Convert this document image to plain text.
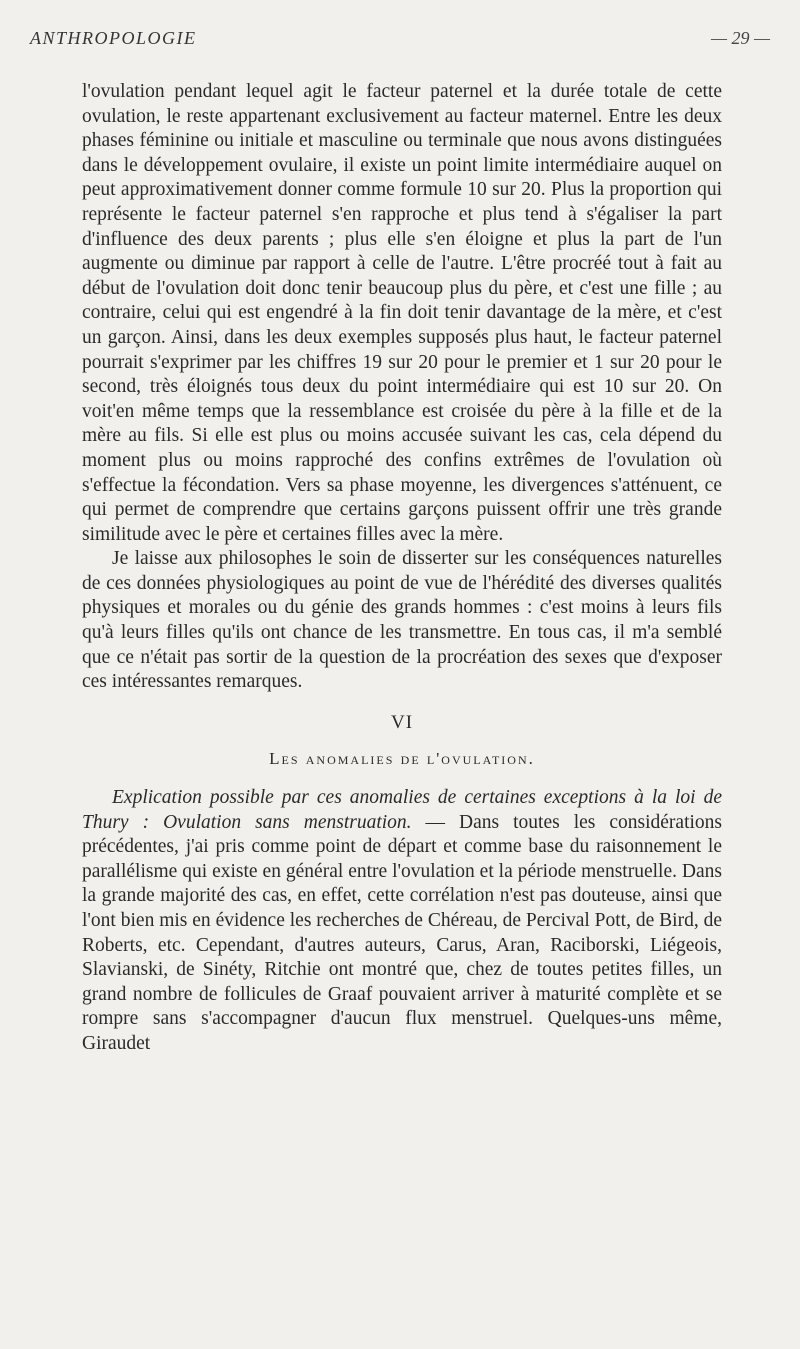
ANTHROPOLOGIE	— 29 —

l'ovulation pendant lequel agit le facteur paternel et la durée totale de cette ovulation, le reste appartenant exclusivement au facteur maternel. Entre les deux phases féminine ou initiale et masculine ou terminale que nous avons distinguées dans le développement ovulaire, il existe un point limite intermédiaire auquel on peut approximativement donner comme formule 10 sur 20. Plus la proportion qui représente le facteur paternel s'en rapproche et plus tend à s'égaliser la part d'influence des deux parents ; plus elle s'en éloigne et plus la part de l'un augmente ou diminue par rapport à celle de l'autre. L'être procréé tout à fait au début de l'ovulation doit donc tenir beaucoup plus du père, et c'est une fille ; au contraire, celui qui est engendré à la fin doit tenir davantage de la mère, et c'est un garçon. Ainsi, dans les deux exemples supposés plus haut, le facteur paternel pourrait s'exprimer par les chiffres 19 sur 20 pour le premier et 1 sur 20 pour le second, très éloignés tous deux du point intermédiaire qui est 10 sur 20. On voit'en même temps que la ressemblance est croisée du père à la fille et de la mère au fils. Si elle est plus ou moins accusée suivant les cas, cela dépend du moment plus ou moins rapproché des confins extrêmes de l'ovulation où s'effectue la fécondation. Vers sa phase moyenne, les divergences s'atténuent, ce qui permet de comprendre que certains garçons puissent offrir une très grande similitude avec le père et certaines filles avec la mère.

Je laisse aux philosophes le soin de disserter sur les conséquences naturelles de ces données physiologiques au point de vue de l'hérédité des diverses qualités physiques et morales ou du génie des grands hommes : c'est moins à leurs fils qu'à leurs filles qu'ils ont chance de les transmettre. En tous cas, il m'a semblé que ce n'était pas sortir de la question de la procréation des sexes que d'exposer ces intéressantes remarques.

VI
Les anomalies de l'ovulation.

Explication possible par ces anomalies de certaines exceptions à la loi de Thury : Ovulation sans menstruation. — Dans toutes les considérations précédentes, j'ai pris comme point de départ et comme base du raisonnement le parallélisme qui existe en général entre l'ovulation et la période menstruelle. Dans la grande majorité des cas, en effet, cette corrélation n'est pas douteuse, ainsi que l'ont bien mis en évidence les recherches de Chéreau, de Percival Pott, de Bird, de Roberts, etc. Cependant, d'autres auteurs, Carus, Aran, Raciborski, Liégeois, Slavianski, de Sinéty, Ritchie ont montré que, chez de toutes petites filles, un grand nombre de follicules de Graaf pouvaient arriver à maturité complète et se rompre sans s'accompagner d'aucun flux menstruel. Quelques-uns même, Giraudet
